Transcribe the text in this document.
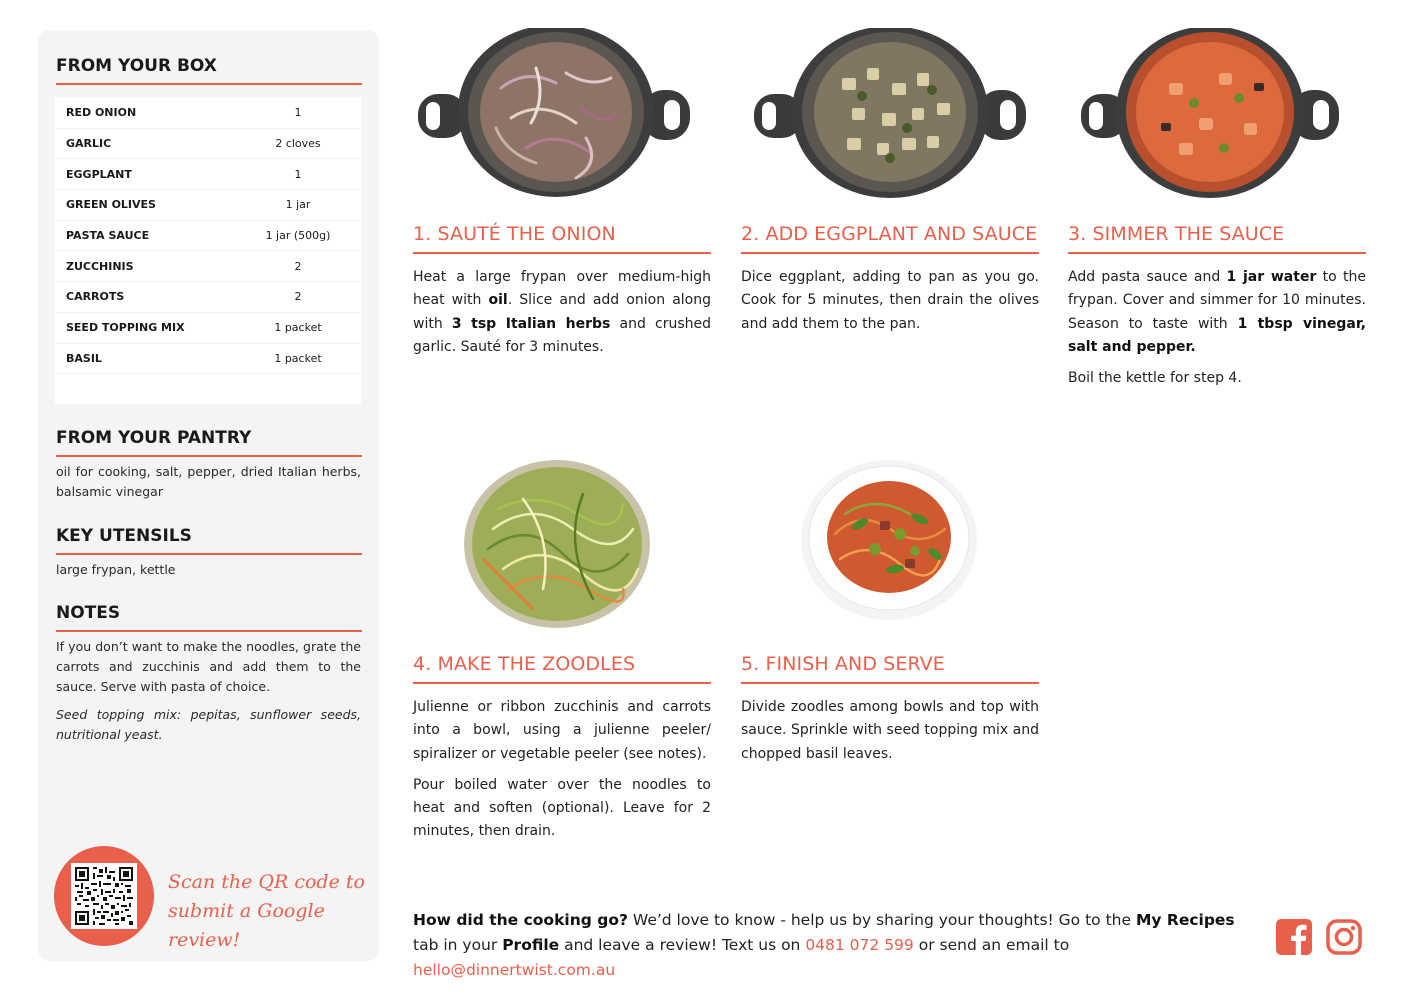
FROM YOUR BOX
RED ONION	1
GARLIC	2 cloves
EGGPLANT	1
GREEN OLIVES	1 jar
PASTA SAUCE	1 jar (500g)
ZUCCHINIS	2
CARROTS	2
SEED TOPPING MIX	1 packet
BASIL	1 packet
FROM YOUR PANTRY
oil for cooking, salt, pepper, dried Italian herbs, balsamic vinegar
KEY UTENSILS
large frypan, kettle
NOTES
If you don’t want to make the noodles, grate the carrots and zucchinis and add them to the sauce. Serve with pasta of choice.
Seed topping mix: pepitas, sunflower seeds, nutritional yeast.
Scan the QR code to
submit a Google review!
1. SAUTÉ THE ONION

Heat a large frypan over medium-high heat with oil. Slice and add onion along with 3 tsp Italian herbs and crushed garlic. Sauté for 3 minutes.

2. ADD EGGPLANT AND SAUCE

Dice eggplant, adding to pan as you go. Cook for 5 minutes, then drain the olives and add them to the pan.

3. SIMMER THE SAUCE

Add pasta sauce and 1 jar water to the frypan. Cover and simmer for 10 minutes. Season to taste with 1 tbsp vinegar, salt and pepper.

Boil the kettle for step 4.

4. MAKE THE ZOODLES

Julienne or ribbon zucchinis and carrots into a bowl, using a julienne peeler/ spiralizer or vegetable peeler (see notes).

Pour boiled water over the noodles to heat and soften (optional). Leave for 2 minutes, then drain.

5. FINISH AND SERVE

Divide zoodles among bowls and top with sauce. Sprinkle with seed topping mix and chopped basil leaves.

How did the cooking go? We’d love to know - help us by sharing your thoughts! Go to the My Recipes tab in your Profile and leave a review! Text us on 0481 072 599 or send an email to hello@dinnertwist.com.au
